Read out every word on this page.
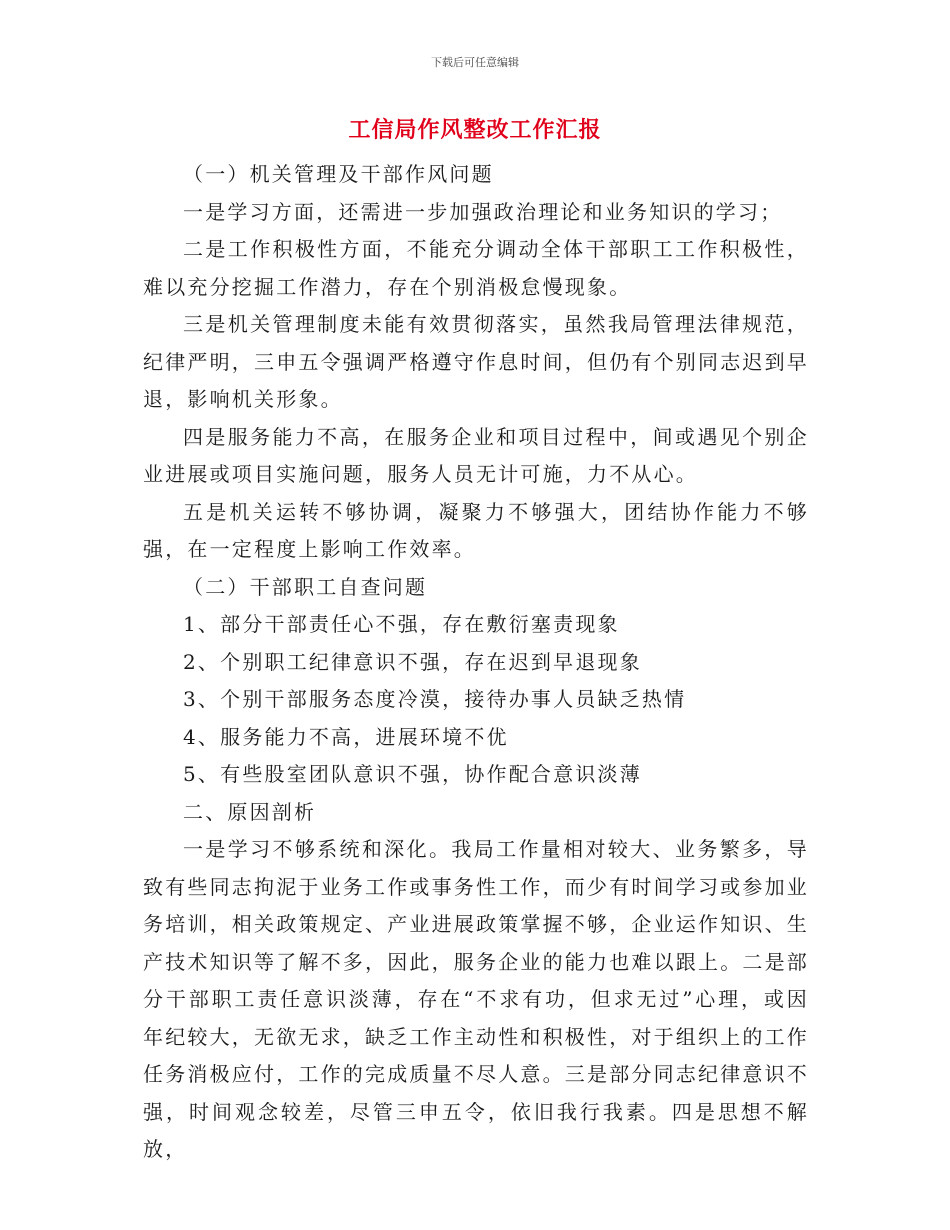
下载后可任意编辑
工信局作风整改工作汇报

（一）机关管理及干部作风问题

一是学习方面，还需进一步加强政治理论和业务知识的学习；

二是工作积极性方面，不能充分调动全体干部职工工作积极性，难以充分挖掘工作潜力，存在个别消极怠慢现象。

三是机关管理制度未能有效贯彻落实，虽然我局管理法律规范，纪律严明，三申五令强调严格遵守作息时间，但仍有个别同志迟到早退，影响机关形象。

四是服务能力不高，在服务企业和项目过程中，间或遇见个别企业进展或项目实施问题，服务人员无计可施，力不从心。

五是机关运转不够协调，凝聚力不够强大，团结协作能力不够强，在一定程度上影响工作效率。

（二）干部职工自查问题

1、部分干部责任心不强，存在敷衍塞责现象

2、个别职工纪律意识不强，存在迟到早退现象

3、个别干部服务态度冷漠，接待办事人员缺乏热情

4、服务能力不高，进展环境不优

5、有些股室团队意识不强，协作配合意识淡薄

二、原因剖析

一是学习不够系统和深化。我局工作量相对较大、业务繁多，导致有些同志拘泥于业务工作或事务性工作，而少有时间学习或参加业务培训，相关政策规定、产业进展政策掌握不够，企业运作知识、生产技术知识等了解不多，因此，服务企业的能力也难以跟上。二是部分干部职工责任意识淡薄，存在“不求有功，但求无过”心理，或因年纪较大，无欲无求，缺乏工作主动性和积极性，对于组织上的工作任务消极应付，工作的完成质量不尽人意。三是部分同志纪律意识不强，时间观念较差，尽管三申五令，依旧我行我素。四是思想不解放，
